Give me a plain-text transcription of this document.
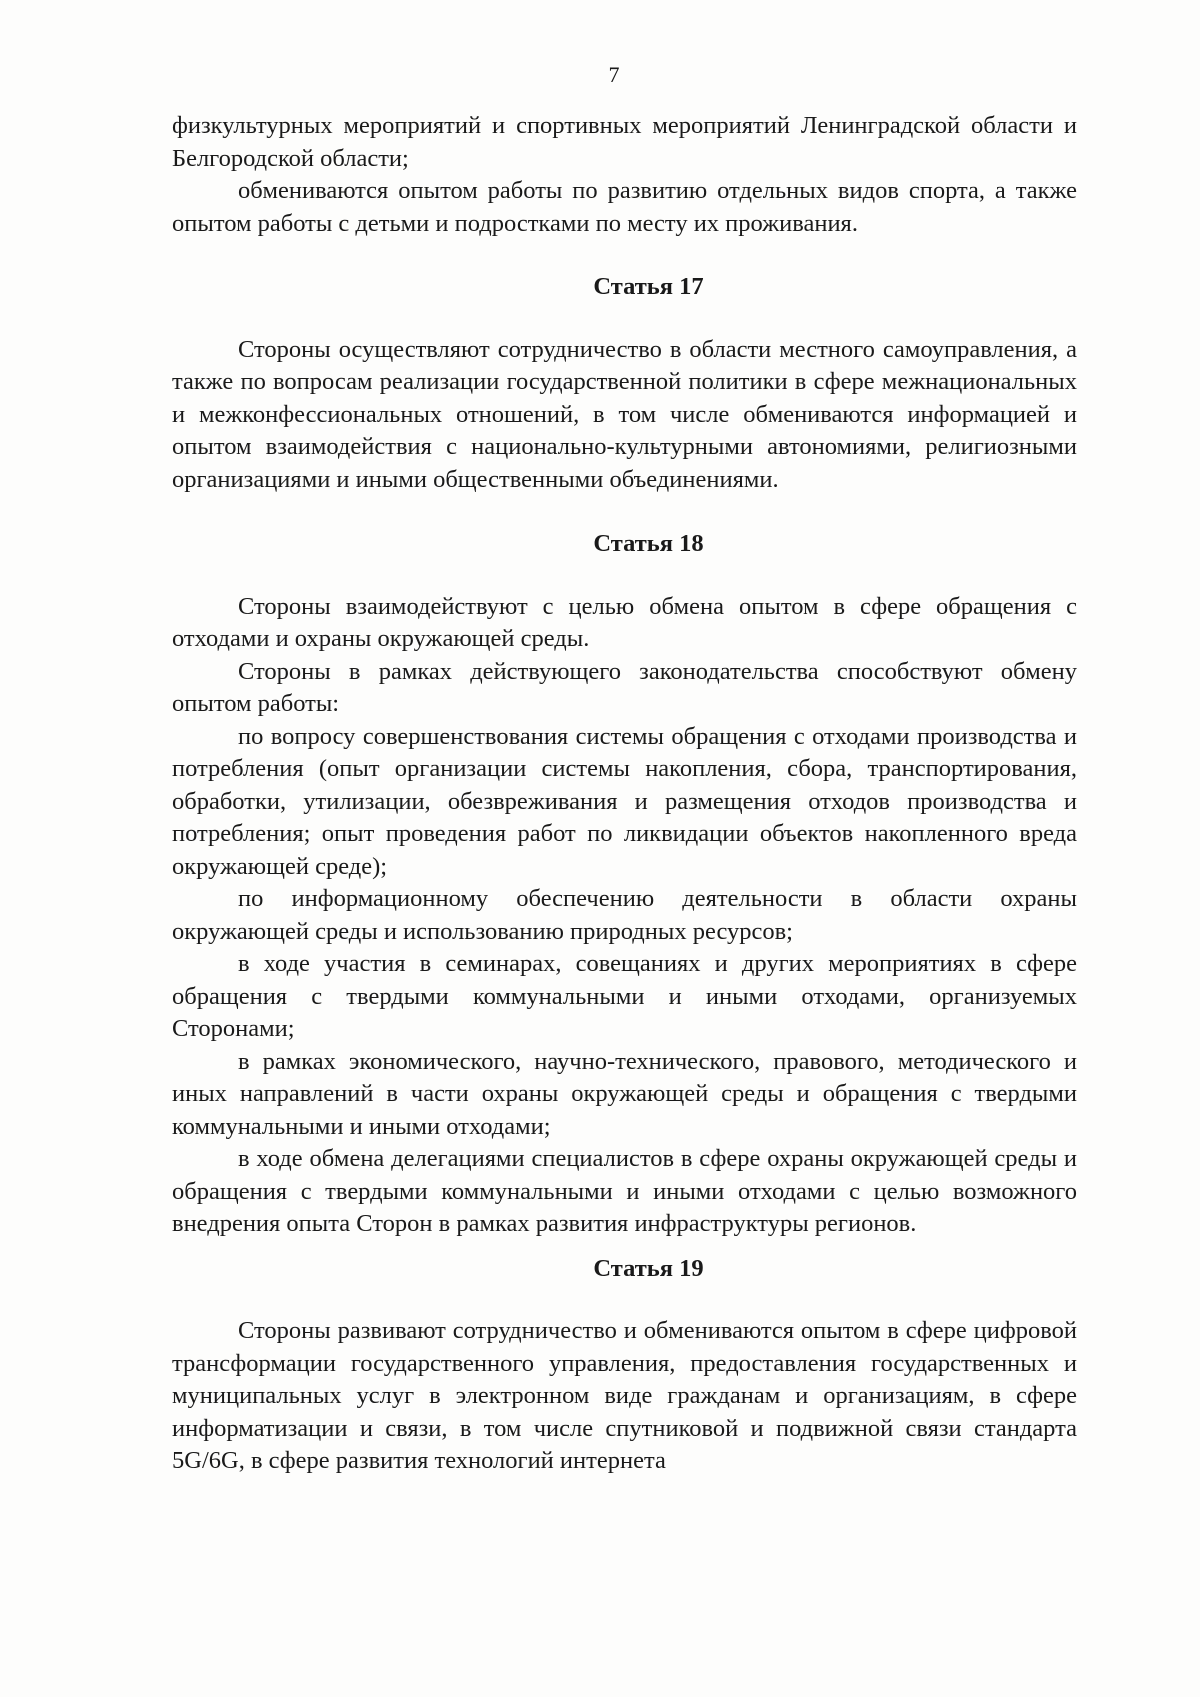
7

физкультурных мероприятий и спортивных мероприятий Ленинградской области и Белгородской области;

обмениваются опытом работы по развитию отдельных видов спорта, а также опытом работы с детьми и подростками по месту их проживания.

Статья 17

Стороны осуществляют сотрудничество в области местного самоуправления, а также по вопросам реализации государственной политики в сфере межнациональных и межконфессиональных отношений, в том числе обмениваются информацией и опытом взаимодействия с национально-культурными автономиями, религиозными организациями и иными общественными объединениями.

Статья 18

Стороны взаимодействуют с целью обмена опытом в сфере обращения с отходами и охраны окружающей среды.

Стороны в рамках действующего законодательства способствуют обмену опытом работы:

по вопросу совершенствования системы обращения с отходами производства и потребления (опыт организации системы накопления, сбора, транспортирования, обработки, утилизации, обезвреживания и размещения отходов производства и потребления; опыт проведения работ по ликвидации объектов накопленного вреда окружающей среде);

по информационному обеспечению деятельности в области охраны окружающей среды и использованию природных ресурсов;

в ходе участия в семинарах, совещаниях и других мероприятиях в сфере обращения с твердыми коммунальными и иными отходами, организуемых Сторонами;

в рамках экономического, научно-технического, правового, методического и иных направлений в части охраны окружающей среды и обращения с твердыми коммунальными и иными отходами;

в ходе обмена делегациями специалистов в сфере охраны окружающей среды и обращения с твердыми коммунальными и иными отходами с целью возможного внедрения опыта Сторон в рамках развития инфраструктуры регионов.

Статья 19

Стороны развивают сотрудничество и обмениваются опытом в сфере цифровой трансформации государственного управления, предоставления государственных и муниципальных услуг в электронном виде гражданам и организациям, в сфере информатизации и связи, в том числе спутниковой и подвижной связи стандарта 5G/6G, в сфере развития технологий интернета
